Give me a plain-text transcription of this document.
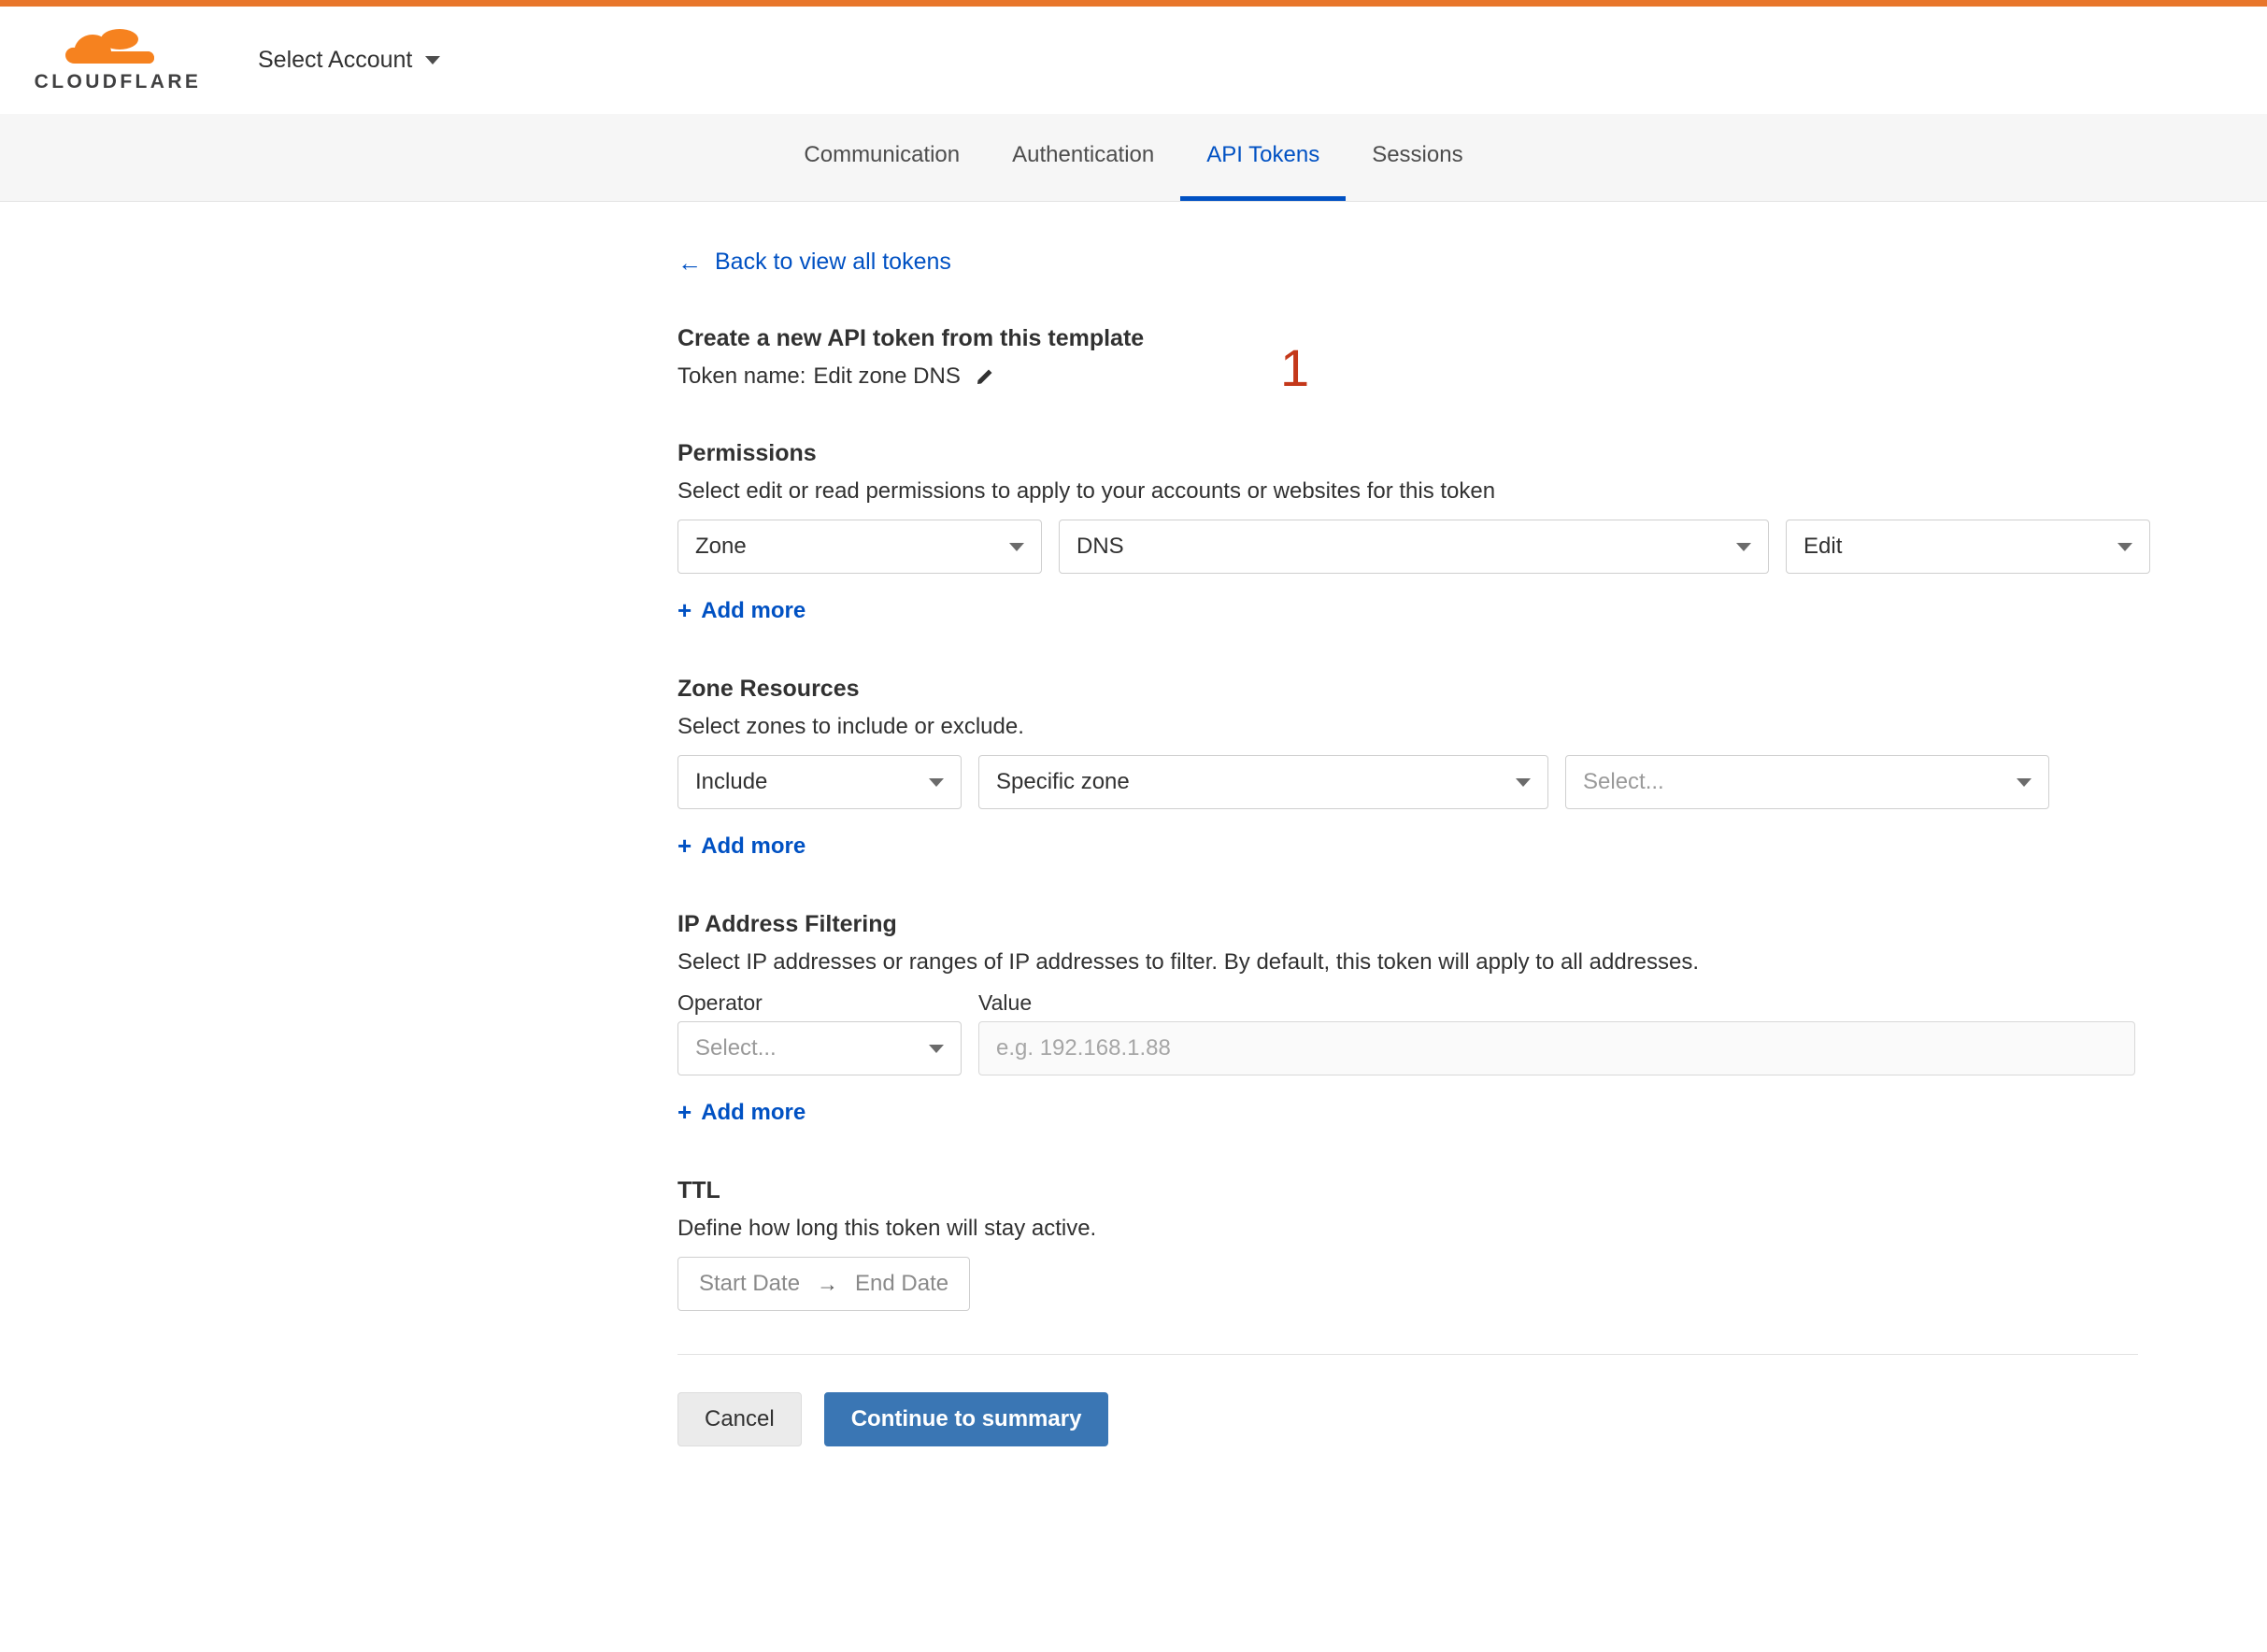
CLOUDFLARE
Select Account
Communication Authentication API Tokens Sessions
← Back to view all tokens
1
Create a new API token from this template
Token name: Edit zone DNS
Permissions
Select edit or read permissions to apply to your accounts or websites for this token
Zone	DNS	Edit
+ Add more
Zone Resources
Select zones to include or exclude.
Include	Specific zone	Select...
+ Add more
IP Address Filtering
Select IP addresses or ranges of IP addresses to filter. By default, this token will apply to all addresses.
Operator	Value
Select...	e.g. 192.168.1.88
+ Add more
TTL
Define how long this token will stay active.
Start Date → End Date
Cancel	Continue to summary
